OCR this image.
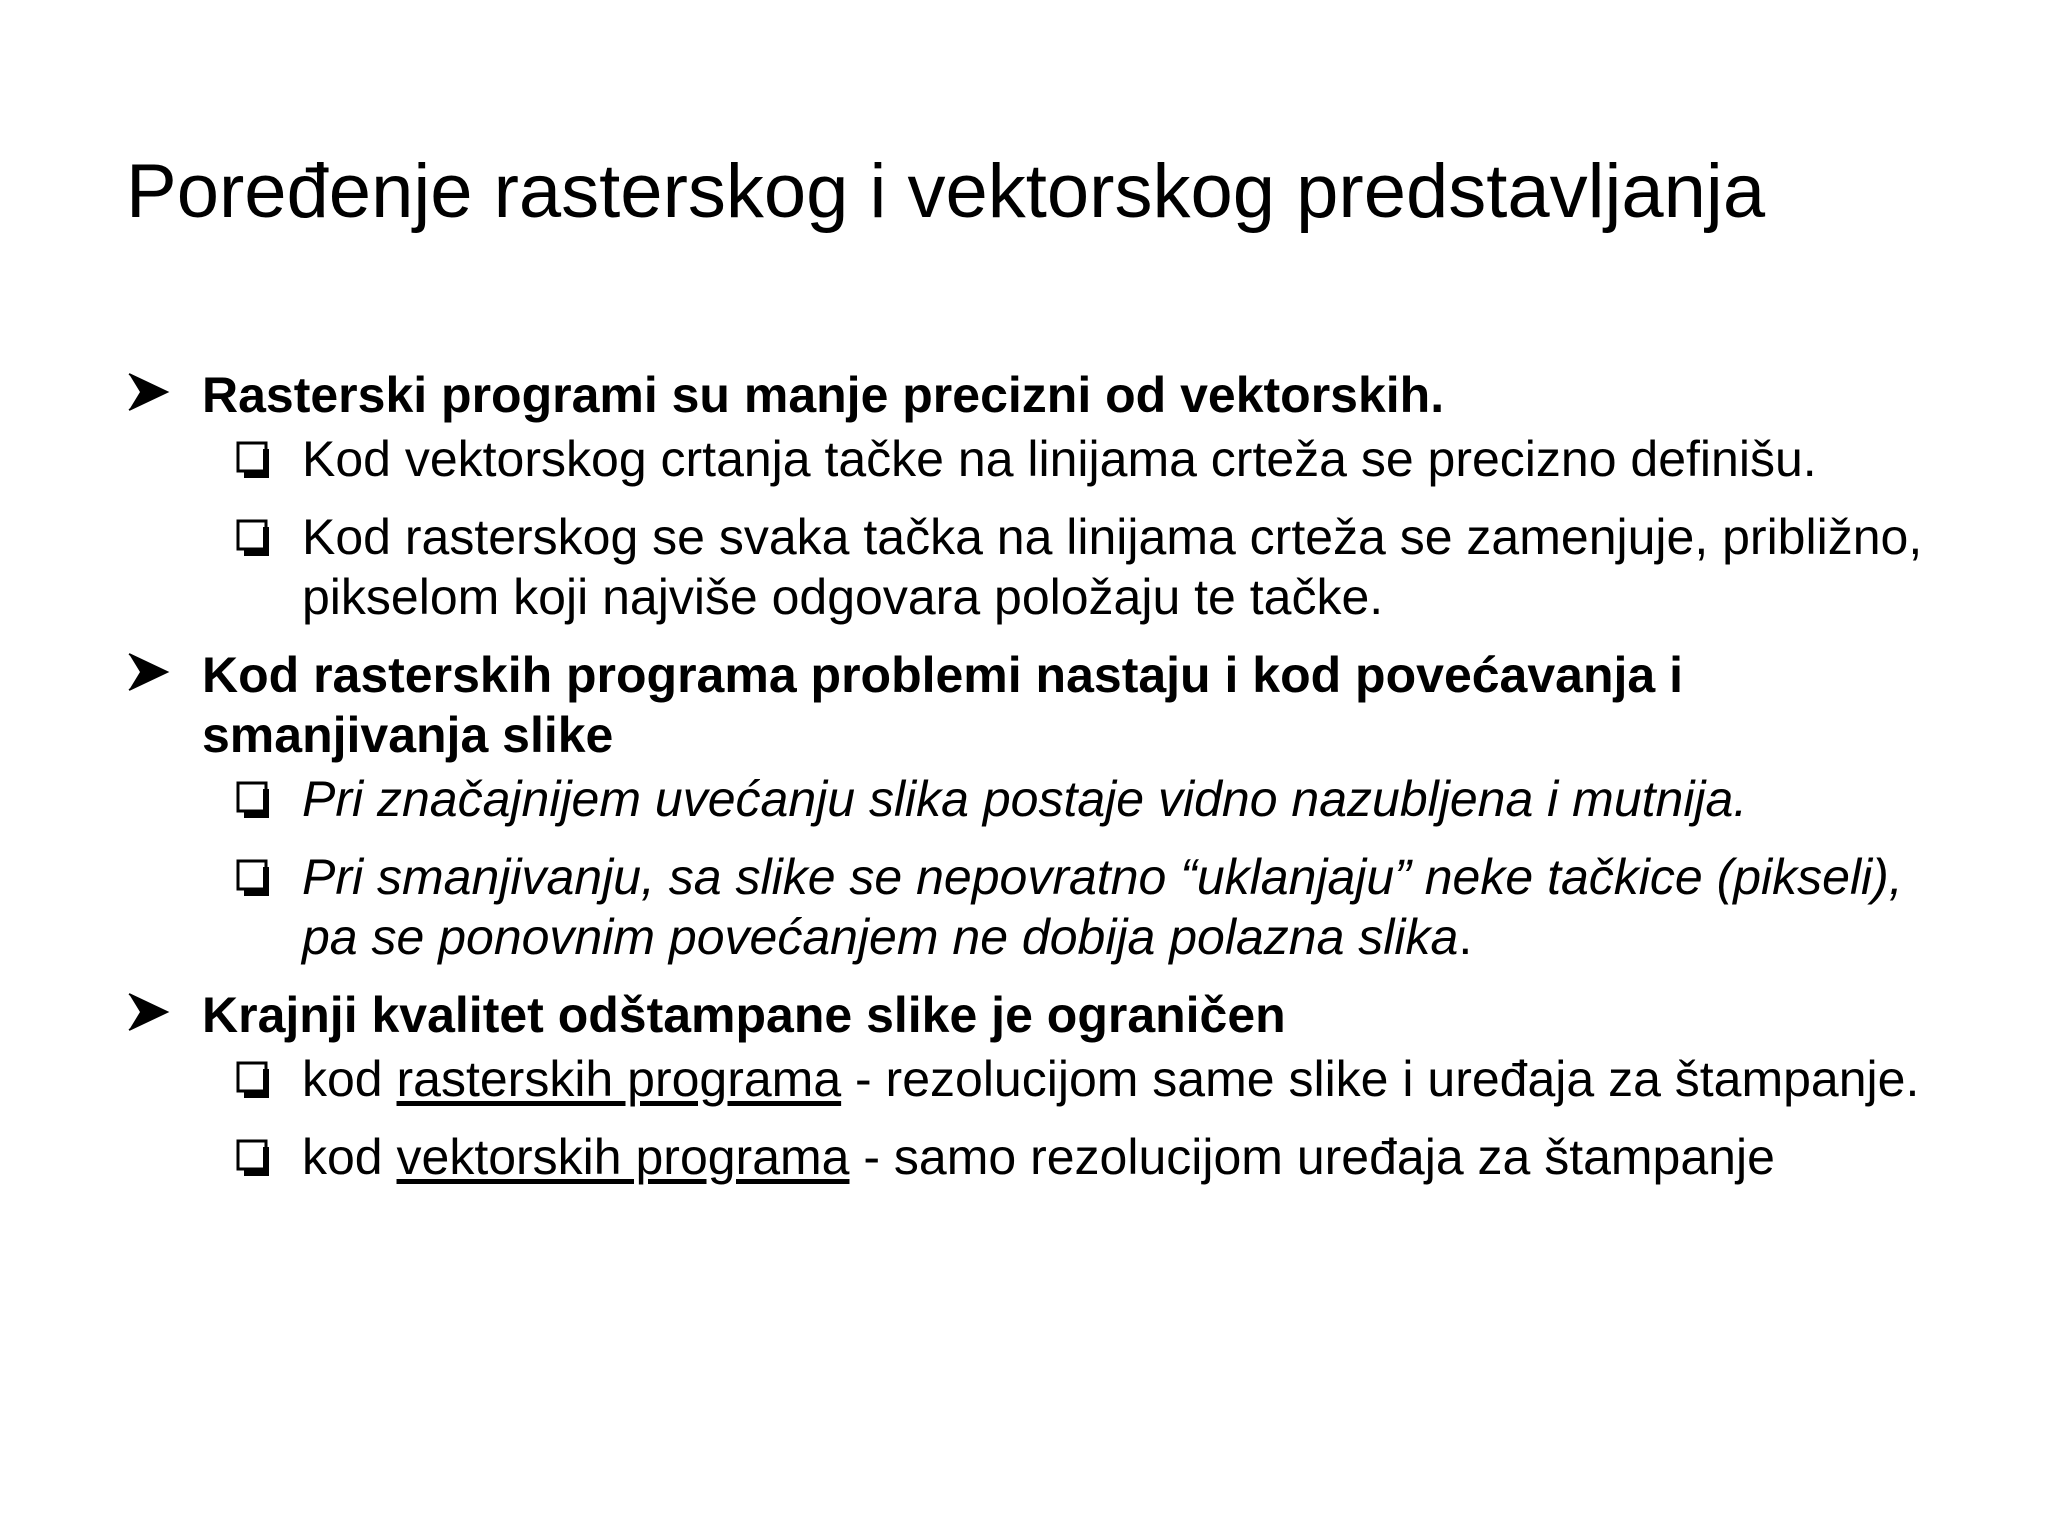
Poređenje rasterskog i vektorskog predstavljanja
Rasterski programi su manje precizni od vektorskih.
Kod vektorskog crtanja tačke na linijama crteža se precizno definišu.
Kod rasterskog se svaka tačka na linijama crteža se zamenjuje, približno, pikselom koji najviše odgovara položaju te tačke.
Kod rasterskih programa problemi nastaju i kod povećavanja i smanjivanja slike
Pri značajnijem uvećanju slika postaje vidno nazubljena i mutnija.
Pri smanjivanju, sa slike se nepovratno “uklanjaju” neke tačkice (pikseli), pa se ponovnim povećanjem ne dobija polazna slika.
Krajnji kvalitet odštampane slike je ograničen
kod rasterskih programa - rezolucijom same slike i uređaja za štampanje.
kod vektorskih programa - samo rezolucijom uređaja za štampanje
